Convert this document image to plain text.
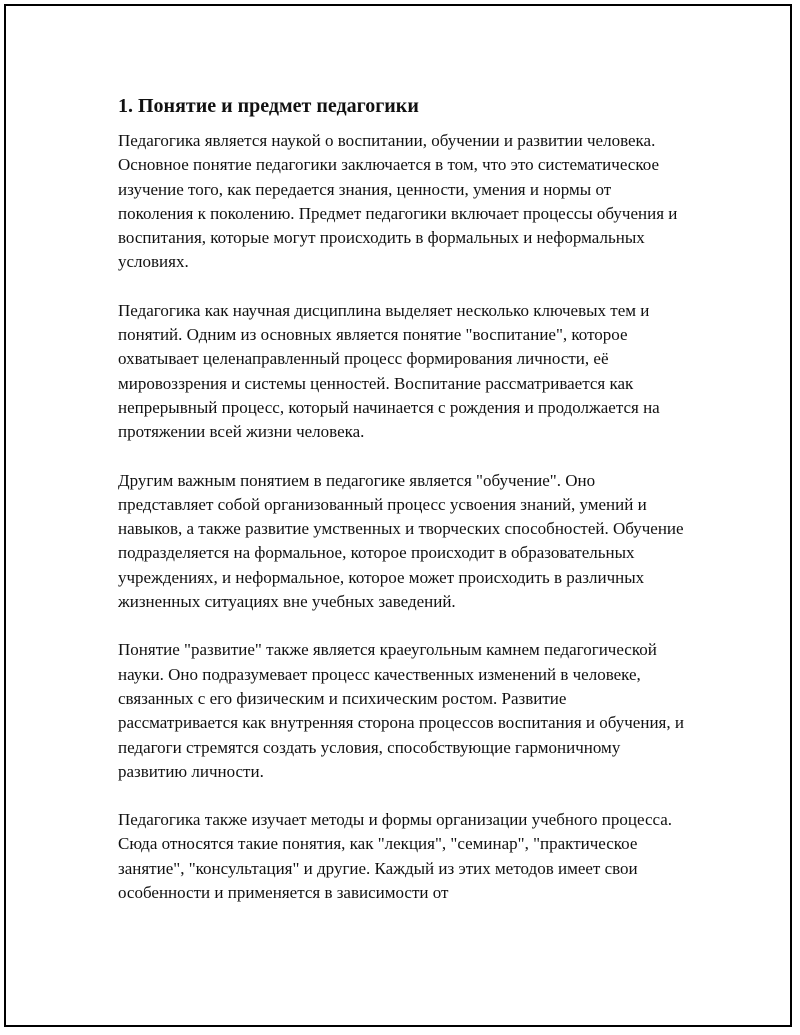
1. Понятие и предмет педагогики

Педагогика является наукой о воспитании, обучении и развитии человека. Основное понятие педагогики заключается в том, что это систематическое изучение того, как передается знания, ценности, умения и нормы от поколения к поколению. Предмет педагогики включает процессы обучения и воспитания, которые могут происходить в формальных и неформальных условиях.

Педагогика как научная дисциплина выделяет несколько ключевых тем и понятий. Одним из основных является понятие "воспитание", которое охватывает целенаправленный процесс формирования личности, её мировоззрения и системы ценностей. Воспитание рассматривается как непрерывный процесс, который начинается с рождения и продолжается на протяжении всей жизни человека.

Другим важным понятием в педагогике является "обучение". Оно представляет собой организованный процесс усвоения знаний, умений и навыков, а также развитие умственных и творческих способностей. Обучение подразделяется на формальное, которое происходит в образовательных учреждениях, и неформальное, которое может происходить в различных жизненных ситуациях вне учебных заведений.

Понятие "развитие" также является краеугольным камнем педагогической науки. Оно подразумевает процесс качественных изменений в человеке, связанных с его физическим и психическим ростом. Развитие рассматривается как внутренняя сторона процессов воспитания и обучения, и педагоги стремятся создать условия, способствующие гармоничному развитию личности.

Педагогика также изучает методы и формы организации учебного процесса. Сюда относятся такие понятия, как "лекция", "семинар", "практическое занятие", "консультация" и другие. Каждый из этих методов имеет свои особенности и применяется в зависимости от
